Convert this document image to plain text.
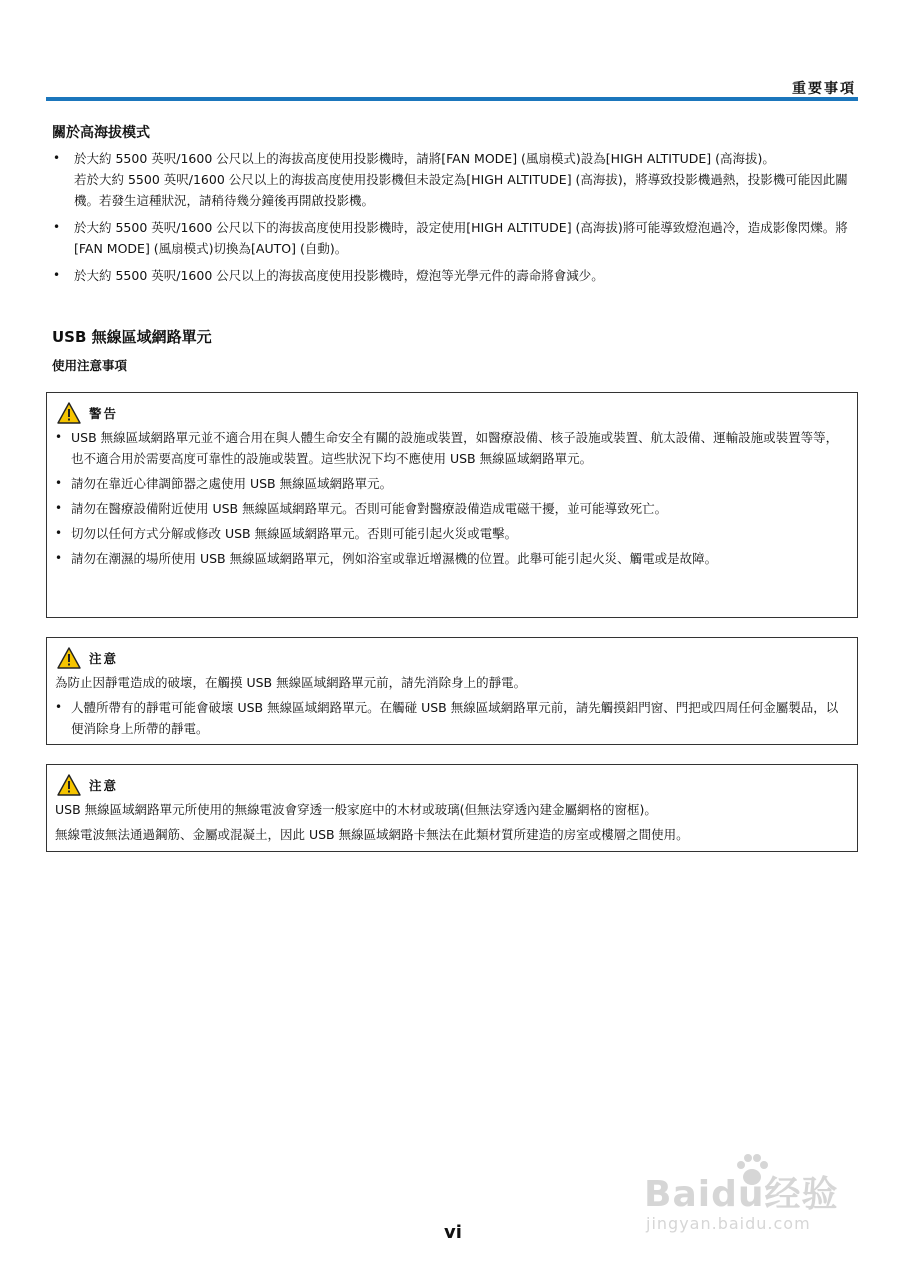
重要事項
關於高海拔模式
• 於大約 5500 英呎/1600 公尺以上的海拔高度使用投影機時，請將[FAN MODE] (風扇模式)設為[HIGH ALTITUDE] (高海拔)。
若於大約 5500 英呎/1600 公尺以上的海拔高度使用投影機但未設定為[HIGH ALTITUDE] (高海拔)，將導致投影機過熱，投影機可能因此關機。若發生這種狀況，請稍待幾分鐘後再開啟投影機。
• 於大約 5500 英呎/1600 公尺以下的海拔高度使用投影機時，設定使用[HIGH ALTITUDE] (高海拔)將可能導致燈泡過冷，造成影像閃爍。將[FAN MODE] (風扇模式)切換為[AUTO] (自動)。
• 於大約 5500 英呎/1600 公尺以上的海拔高度使用投影機時，燈泡等光學元件的壽命將會減少。
USB 無線區域網路單元
使用注意事項
警告
• USB 無線區域網路單元並不適合用在與人體生命安全有關的設施或裝置，如醫療設備、核子設施或裝置、航太設備、運輸設施或裝置等等，也不適合用於需要高度可靠性的設施或裝置。這些狀況下均不應使用 USB 無線區域網路單元。
• 請勿在靠近心律調節器之處使用 USB 無線區域網路單元。
• 請勿在醫療設備附近使用 USB 無線區域網路單元。否則可能會對醫療設備造成電磁干擾，並可能導致死亡。
• 切勿以任何方式分解或修改 USB 無線區域網路單元。否則可能引起火災或電擊。
• 請勿在潮濕的場所使用 USB 無線區域網路單元，例如浴室或靠近增濕機的位置。此舉可能引起火災、觸電或是故障。
注意

為防止因靜電造成的破壞，在觸摸 USB 無線區域網路單元前，請先消除身上的靜電。

• 人體所帶有的靜電可能會破壞 USB 無線區域網路單元。在觸碰 USB 無線區域網路單元前，請先觸摸鋁門窗、門把或四周任何金屬製品，以便消除身上所帶的靜電。
注意

USB 無線區域網路單元所使用的無線電波會穿透一般家庭中的木材或玻璃(但無法穿透內建金屬網格的窗框)。

無線電波無法通過鋼筋、金屬或混凝土，因此 USB 無線區域網路卡無法在此類材質所建造的房室或樓層之間使用。

Baidu经验
jingyan.baidu.com
vi
